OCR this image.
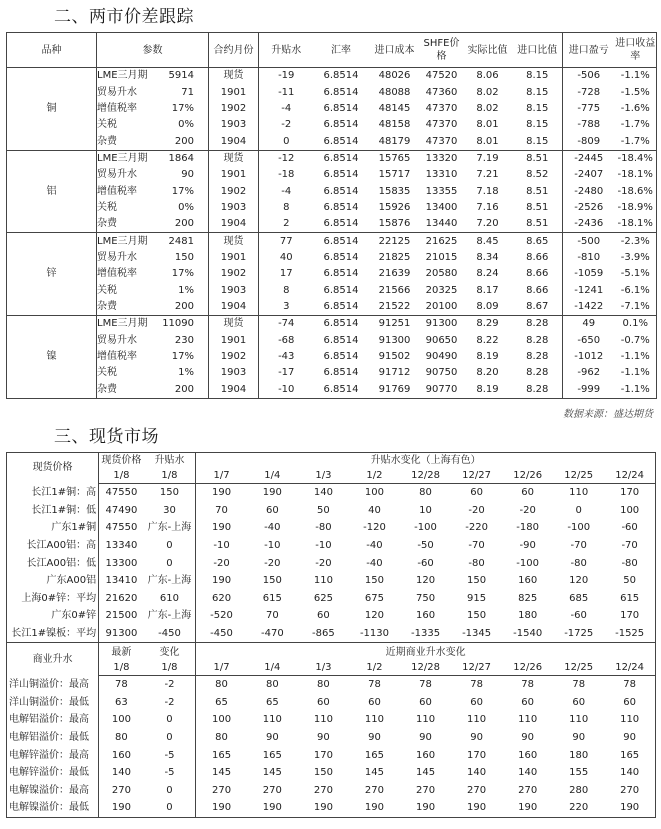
二、两市价差跟踪
品种	参数		合约月份	升贴水	汇率	进口成本	SHFE价格	实际比值	进口比值	进口盈亏	进口收益率
铜	LME三月期	5914	现货	-19	6.8514	48026	47520	8.06	8.15	-506	-1.1%
	贸易升水	71	1901	-11	6.8514	48088	47360	8.02	8.15	-728	-1.5%
	增值税率	17%	1902	-4	6.8514	48145	47370	8.02	8.15	-775	-1.6%
	关税	0%	1903	-2	6.8514	48158	47370	8.01	8.15	-788	-1.7%
	杂费	200	1904	0	6.8514	48179	47370	8.01	8.15	-809	-1.7%
铝	LME三月期	1864	现货	-12	6.8514	15765	13320	7.19	8.51	-2445	-18.4%
	贸易升水	90	1901	-18	6.8514	15717	13310	7.21	8.52	-2407	-18.1%
	增值税率	17%	1902	-4	6.8514	15835	13355	7.18	8.51	-2480	-18.6%
	关税	0%	1903	8	6.8514	15926	13400	7.16	8.51	-2526	-18.9%
	杂费	200	1904	2	6.8514	15876	13440	7.20	8.51	-2436	-18.1%
锌	LME三月期	2481	现货	77	6.8514	22125	21625	8.45	8.65	-500	-2.3%
	贸易升水	150	1901	40	6.8514	21825	21015	8.34	8.66	-810	-3.9%
	增值税率	17%	1902	17	6.8514	21639	20580	8.24	8.66	-1059	-5.1%
	关税	1%	1903	8	6.8514	21566	20325	8.17	8.66	-1241	-6.1%
	杂费	200	1904	3	6.8514	21522	20100	8.09	8.67	-1422	-7.1%
镍	LME三月期	11090	现货	-74	6.8514	91251	91300	8.29	8.28	49	0.1%
	贸易升水	230	1901	-68	6.8514	91300	90650	8.22	8.28	-650	-0.7%
	增值税率	17%	1902	-43	6.8514	91502	90490	8.19	8.28	-1012	-1.1%
	关税	1%	1903	-17	6.8514	91712	90750	8.20	8.28	-962	-1.1%
	杂费	200	1904	-10	6.8514	91769	90770	8.19	8.28	-999	-1.1%
数据来源：盛达期货
三、现货市场
现货价格	现货价格	升贴水	升贴水变化（上海有色）								
	1/8	1/8	1/7	1/4	1/3	1/2	12/28	12/27	12/26	12/25	12/24
长江1#铜：高	47550	150	190	190	140	100	80	60	60	110	170
长江1#铜：低	47490	30	70	60	50	40	10	-20	-20	0	100
广东1#铜	47550	广东-上海	190	-40	-80	-120	-100	-220	-180	-100	-60
长江A00铝：高	13340	0	-10	-10	-10	-40	-50	-70	-90	-70	-70
长江A00铝：低	13300	0	-20	-20	-20	-40	-60	-80	-100	-80	-80
广东A00铝	13410	广东-上海	190	150	110	150	120	150	160	120	50
上海0#锌：平均	21620	610	620	615	625	675	750	915	825	685	615
广东0#锌	21500	广东-上海	-520	70	60	120	160	150	180	-60	170
长江1#镍板：平均	91300	-450	-450	-470	-865	-1130	-1335	-1345	-1540	-1725	-1525
商业升水	最新	变化	近期商业升水变化								
	1/8	1/8	1/7	1/4	1/3	1/2	12/28	12/27	12/26	12/25	12/24
洋山铜溢价：最高	78	-2	80	80	80	78	78	78	78	78	78
洋山铜溢价：最低	63	-2	65	65	60	60	60	60	60	60	60
电解铝溢价：最高	100	0	100	110	110	110	110	110	110	110	110
电解铝溢价：最低	80	0	80	90	90	90	90	90	90	90	90
电解锌溢价：最高	160	-5	165	165	170	165	160	170	160	180	165
电解锌溢价：最低	140	-5	145	145	150	145	145	140	140	155	140
电解镍溢价：最高	270	0	270	270	270	270	270	270	270	280	270
电解镍溢价：最低	190	0	190	190	190	190	190	190	190	220	190
